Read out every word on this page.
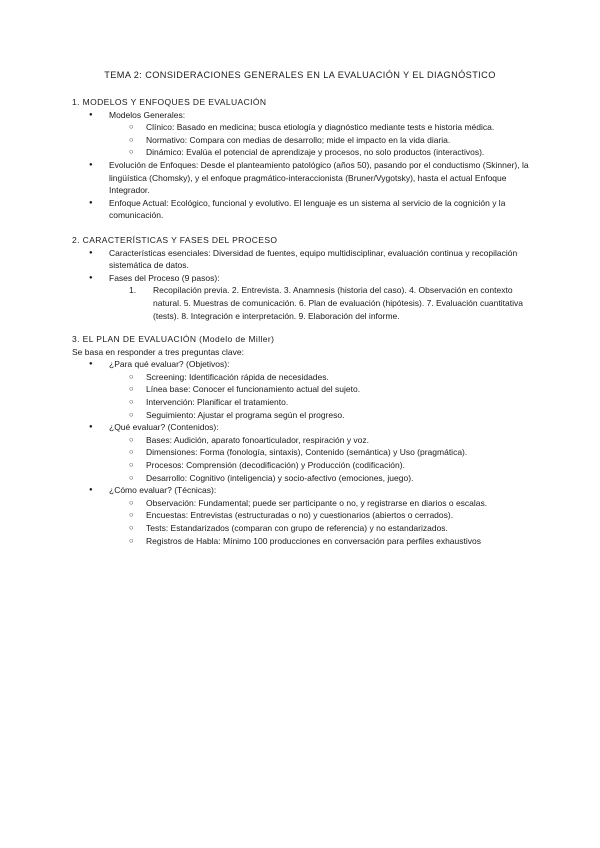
TEMA 2: CONSIDERACIONES GENERALES EN LA EVALUACIÓN Y EL DIAGNÓSTICO

1. MODELOS Y ENFOQUES DE EVALUACIÓN

● Modelos Generales:
○ Clínico: Basado en medicina; busca etiología y diagnóstico mediante tests e historia médica.
○ Normativo: Compara con medias de desarrollo; mide el impacto en la vida diaria.
○ Dinámico: Evalúa el potencial de aprendizaje y procesos, no solo productos (interactivos).
● Evolución de Enfoques: Desde el planteamiento patológico (años 50), pasando por el conductismo (Skinner), la lingüística (Chomsky), y el enfoque pragmático-interaccionista (Bruner/Vygotsky), hasta el actual Enfoque Integrador.
● Enfoque Actual: Ecológico, funcional y evolutivo. El lenguaje es un sistema al servicio de la cognición y la comunicación.

2. CARACTERÍSTICAS Y FASES DEL PROCESO

● Características esenciales: Diversidad de fuentes, equipo multidisciplinar, evaluación continua y recopilación sistemática de datos.
● Fases del Proceso (9 pasos):
1. Recopilación previa. 2. Entrevista. 3. Anamnesis (historia del caso). 4. Observación en contexto natural. 5. Muestras de comunicación. 6. Plan de evaluación (hipótesis). 7. Evaluación cuantitativa (tests). 8. Integración e interpretación. 9. Elaboración del informe.

3. EL PLAN DE EVALUACIÓN (Modelo de Miller)

Se basa en responder a tres preguntas clave:

● ¿Para qué evaluar? (Objetivos):
○ Screening: Identificación rápida de necesidades.
○ Línea base: Conocer el funcionamiento actual del sujeto.
○ Intervención: Planificar el tratamiento.
○ Seguimiento: Ajustar el programa según el progreso.
● ¿Qué evaluar? (Contenidos):
○ Bases: Audición, aparato fonoarticulador, respiración y voz.
○ Dimensiones: Forma (fonología, sintaxis), Contenido (semántica) y Uso (pragmática).
○ Procesos: Comprensión (decodificación) y Producción (codificación).
○ Desarrollo: Cognitivo (inteligencia) y socio-afectivo (emociones, juego).
● ¿Cómo evaluar? (Técnicas):
○ Observación: Fundamental; puede ser participante o no, y registrarse en diarios o escalas.
○ Encuestas: Entrevistas (estructuradas o no) y cuestionarios (abiertos o cerrados).
○ Tests: Estandarizados (comparan con grupo de referencia) y no estandarizados.
○ Registros de Habla: Mínimo 100 producciones en conversación para perfiles exhaustivos
